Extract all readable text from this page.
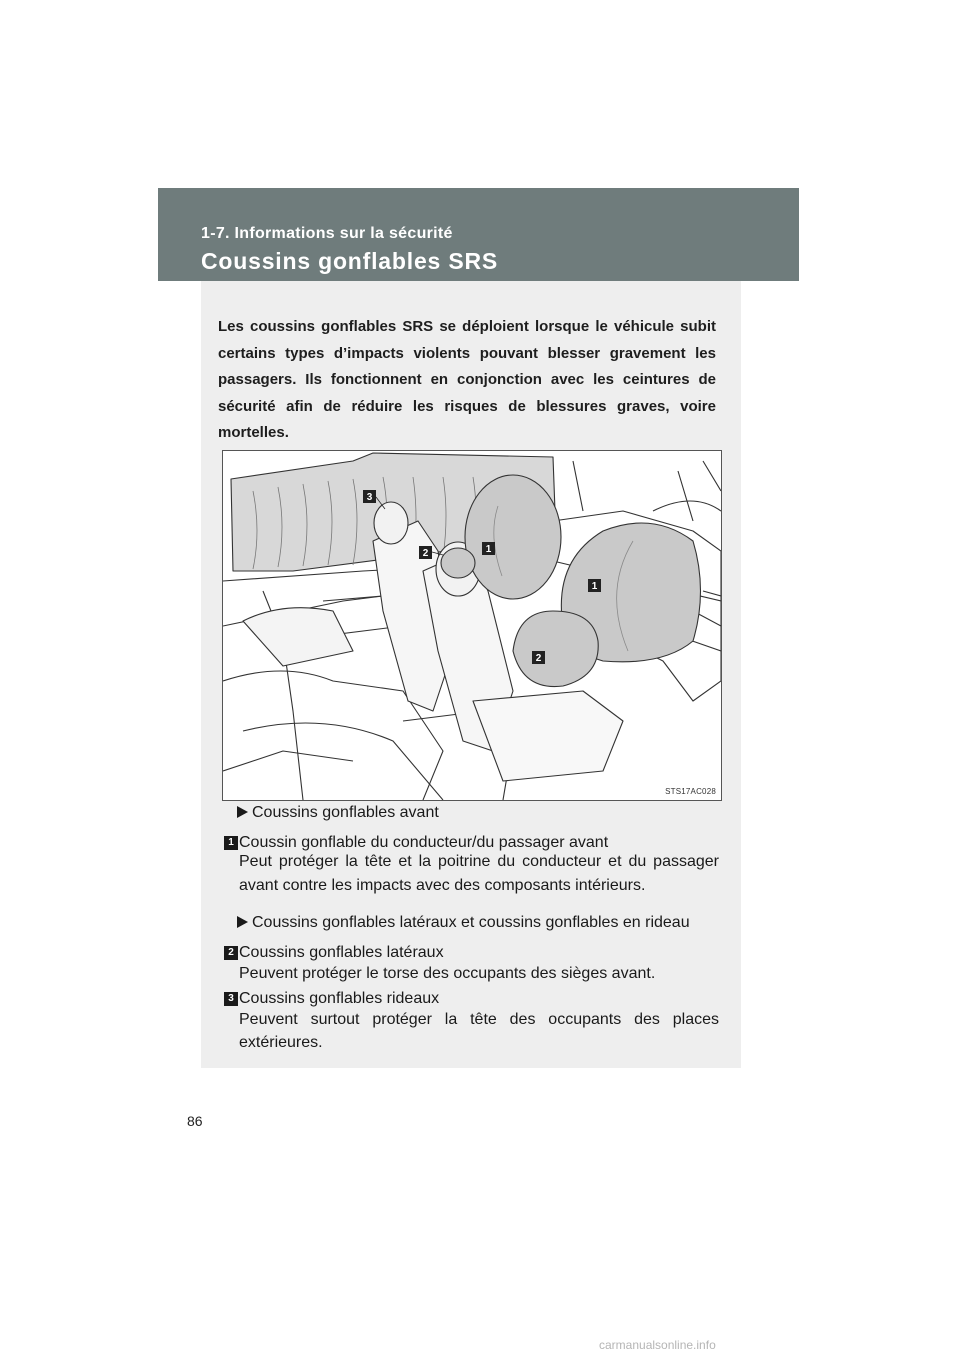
1-7. Informations sur la sécurité
Coussins gonflables SRS

Les coussins gonflables SRS se déploient lorsque le véhicule subit certains types d’impacts violents pouvant blesser gravement les passagers. Ils fonctionnent en conjonction avec les ceintures de sécurité afin de réduire les risques de blessures graves, voire mortelles.

3
2	1
1
2
STS17AC028
Coussins gonflables avant
1 Coussin gonflable du conducteur/du passager avant
Peut protéger la tête et la poitrine du conducteur et du passager avant contre les impacts avec des composants intérieurs.
Coussins gonflables latéraux et coussins gonflables en rideau
2 Coussins gonflables latéraux
Peuvent protéger le torse des occupants des sièges avant.
3 Coussins gonflables rideaux
Peuvent surtout protéger la tête des occupants des places extérieures.
86
carmanualsonline.info
